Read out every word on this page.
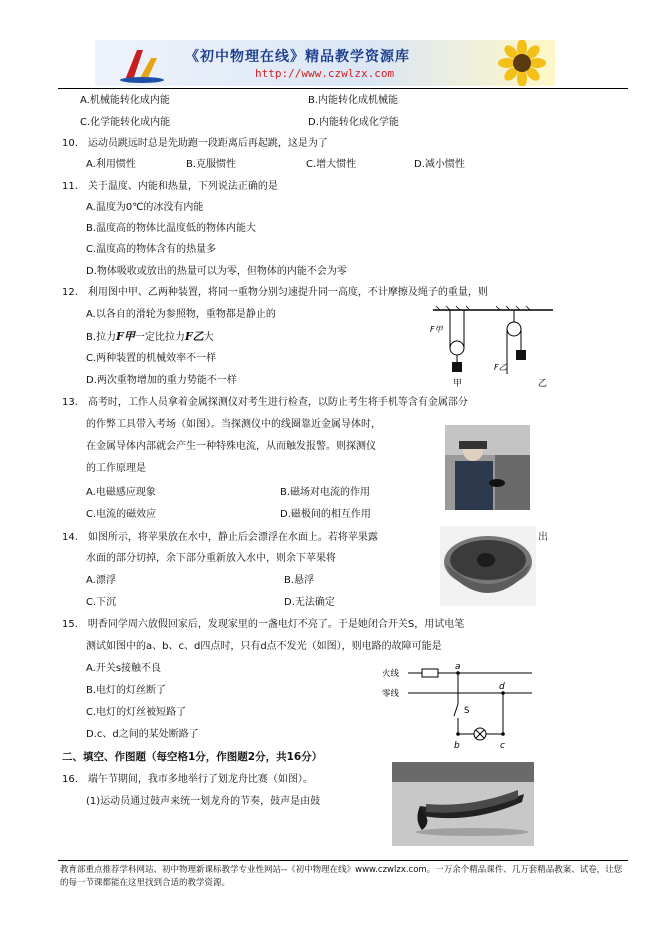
《初中物理在线》精品教学资源库
http://www.czwlzx.com
A.机械能转化成内能	B.内能转化成机械能
C.化学能转化成内能	D.内能转化成化学能
10.　运动员跳远时总是先助跑一段距离后再起跳，这是为了
A.利用惯性	B.克服惯性	C.增大惯性	D.减小惯性
11.　关于温度、内能和热量，下列说法正确的是
A.温度为0℃的冰没有内能
B.温度高的物体比温度低的物体内能大
C.温度高的物体含有的热量多
D.物体吸收或放出的热量可以为零，但物体的内能不会为零
12.　利用图中甲、乙两种装置，将同一重物分别匀速提升同一高度，不计摩擦及绳子的重量，则
A.以各自的滑轮为参照物，重物都是静止的
B.拉力F甲一定比拉力F乙大
C.两种装置的机械效率不一样
D.两次重物增加的重力势能不一样
F甲
甲
F乙
乙
13.　高考时，工作人员拿着金属探测仪对考生进行检查，以防止考生将手机等含有金属部分
的作弊工具带入考场（如图）。当探测仪中的线圈靠近金属导体时，
在金属导体内部就会产生一种特殊电流，从而触发报警。则探测仪
的工作原理是
A.电磁感应现象	B.磁场对电流的作用
C.电流的磁效应	D.磁极间的相互作用
14.　如图所示，将苹果放在水中，静止后会漂浮在水面上。若将苹果露	出
水面的部分切掉，余下部分重新放入水中，则余下苹果将
A.漂浮	B.悬浮
C.下沉	D.无法确定
15.　明香同学周六放假回家后，发现家里的一盏电灯不亮了。于是她闭合开关S，用试电笔
测试如图中的a、b、c、d四点时，只有d点不发光（如图），则电路的故障可能是
A.开关s接触不良
B.电灯的灯丝断了
C.电灯的灯丝被短路了
D.c、d之间的某处断路了
火线
零线
a
S
b	c
d
二、填空、作图题（每空格1分，作图题2分，共16分）
16.　端午节期间，我市多地举行了划龙舟比赛（如图）。
(1)运动员通过鼓声来统一划龙舟的节奏，鼓声是由鼓
教育部重点推荐学科网站、初中物理新课标教学专业性网站--《初中物理在线》www.czwlzx.com。一万余个精品课件、几万套精品教案、试卷，让您的每一节课都能在这里找到合适的教学资源。
